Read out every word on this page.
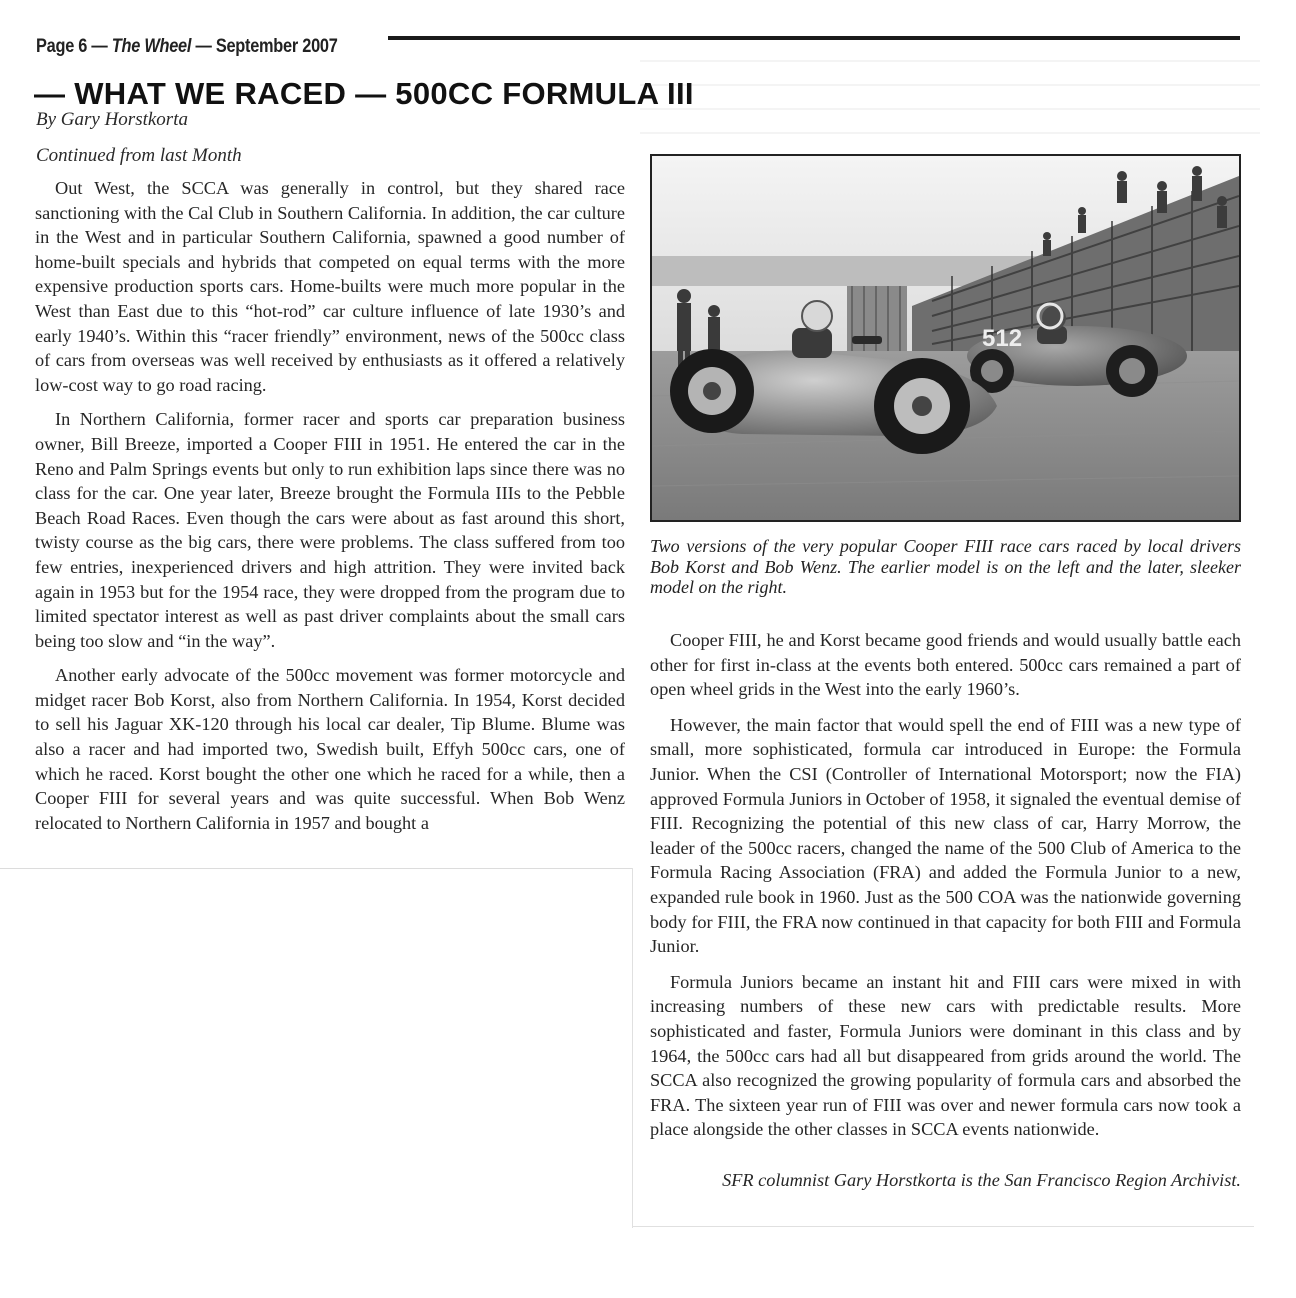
Page 6 — The Wheel — September 2007
— WHAT WE RACED — 500CC FORMULA III
By Gary Horstkorta
Continued from last Month

Out West, the SCCA was generally in control, but they shared race sanctioning with the Cal Club in Southern California. In addition, the car culture in the West and in particular Southern California, spawned a good number of home-built specials and hybrids that competed on equal terms with the more expensive production sports cars. Home-builts were much more popular in the West than East due to this “hot-rod” car culture influence of late 1930’s and early 1940’s. Within this “racer friendly” environment, news of the 500cc class of cars from overseas was well received by enthusiasts as it offered a relatively low-cost way to go road racing.

In Northern California, former racer and sports car preparation business owner, Bill Breeze, imported a Cooper FIII in 1951. He entered the car in the Reno and Palm Springs events but only to run exhibition laps since there was no class for the car. One year later, Breeze brought the Formula IIIs to the Pebble Beach Road Races. Even though the cars were about as fast around this short, twisty course as the big cars, there were problems. The class suffered from too few entries, inexperienced drivers and high attrition. They were invited back again in 1953 but for the 1954 race, they were dropped from the program due to limited spectator interest as well as past driver complaints about the small cars being too slow and “in the way”.

Another early advocate of the 500cc movement was former motorcycle and midget racer Bob Korst, also from Northern California. In 1954, Korst decided to sell his Jaguar XK-120 through his local car dealer, Tip Blume. Blume was also a racer and had imported two, Swedish built, Effyh 500cc cars, one of which he raced. Korst bought the other one which he raced for a while, then a Cooper FIII for several years and was quite successful. When Bob Wenz relocated to Northern California in 1957 and bought a

512

Two versions of the very popular Cooper FIII race cars raced by local drivers Bob Korst and Bob Wenz. The earlier model is on the left and the later, sleeker model on the right.

Cooper FIII, he and Korst became good friends and would usually battle each other for first in-class at the events both entered. 500cc cars remained a part of open wheel grids in the West into the early 1960’s.

However, the main factor that would spell the end of FIII was a new type of small, more sophisticated, formula car introduced in Europe: the Formula Junior. When the CSI (Controller of International Motorsport; now the FIA) approved Formula Juniors in October of 1958, it signaled the eventual demise of FIII. Recognizing the potential of this new class of car, Harry Morrow, the leader of the 500cc racers, changed the name of the 500 Club of America to the Formula Racing Association (FRA) and added the Formula Junior to a new, expanded rule book in 1960. Just as the 500 COA was the nationwide governing body for FIII, the FRA now continued in that capacity for both FIII and Formula Junior.

Formula Juniors became an instant hit and FIII cars were mixed in with increasing numbers of these new cars with predictable results. More sophisticated and faster, Formula Juniors were dominant in this class and by 1964, the 500cc cars had all but disappeared from grids around the world. The SCCA also recognized the growing popularity of formula cars and absorbed the FRA. The sixteen year run of FIII was over and newer formula cars now took a place alongside the other classes in SCCA events nationwide.

SFR columnist Gary Horstkorta is the San Francisco Region Archivist.
